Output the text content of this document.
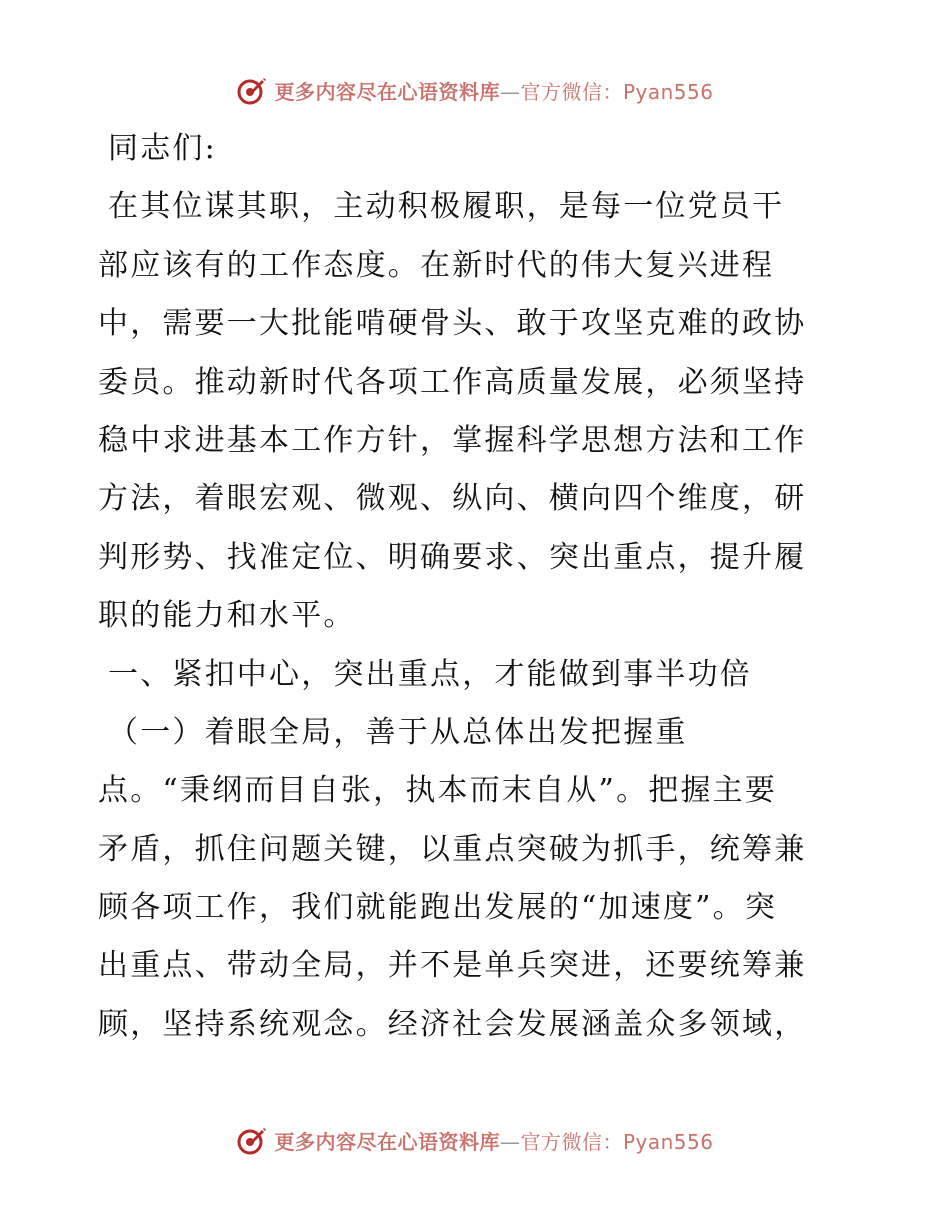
更多内容尽在心语资料库—官方微信：Pyan556
同志们:
在其位谋其职，主动积极履职，是每一位党员干
部应该有的工作态度。在新时代的伟大复兴进程
中，需要一大批能啃硬骨头、敢于攻坚克难的政协
委员。推动新时代各项工作高质量发展，必须坚持
稳中求进基本工作方针，掌握科学思想方法和工作
方法，着眼宏观、微观、纵向、横向四个维度，研
判形势、找准定位、明确要求、突出重点，提升履
职的能力和水平。
一、紧扣中心，突出重点，才能做到事半功倍
（一）着眼全局，善于从总体出发把握重
点。“秉纲而目自张，执本而末自从”。把握主要
矛盾，抓住问题关键，以重点突破为抓手，统筹兼
顾各项工作，我们就能跑出发展的“加速度”。突
出重点、带动全局，并不是单兵突进，还要统筹兼
顾，坚持系统观念。经济社会发展涵盖众多领域，
更多内容尽在心语资料库—官方微信：Pyan556
